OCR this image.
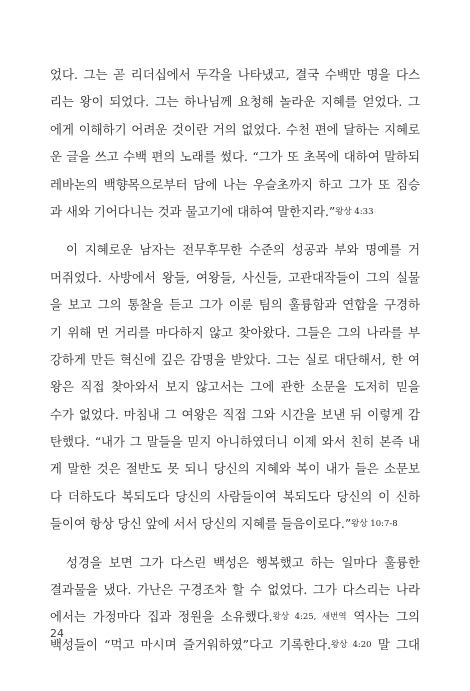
었다. 그는 곧 리더십에서 두각을 나타냈고, 결국 수백만 명을 다스
리는 왕이 되었다. 그는 하나님께 요청해 놀라운 지혜를 얻었다. 그
에게 이해하기 어려운 것이란 거의 없었다. 수천 편에 달하는 지혜로
운 글을 쓰고 수백 편의 노래를 썼다. “그가 또 초목에 대하여 말하되
레바논의 백향목으로부터 담에 나는 우슬초까지 하고 그가 또 짐승
과 새와 기어다니는 것과 물고기에 대하여 말한지라.”왕상 4:33
이 지혜로운 남자는 전무후무한 수준의 성공과 부와 명예를 거
머쥐었다. 사방에서 왕들, 여왕들, 사신들, 고관대작들이 그의 실물
을 보고 그의 통찰을 듣고 그가 이룬 팀의 훌륭함과 연합을 구경하
기 위해 먼 거리를 마다하지 않고 찾아왔다. 그들은 그의 나라를 부
강하게 만든 혁신에 깊은 감명을 받았다. 그는 실로 대단해서, 한 여
왕은 직접 찾아와서 보지 않고서는 그에 관한 소문을 도저히 믿을
수가 없었다. 마침내 그 여왕은 직접 그와 시간을 보낸 뒤 이렇게 감
탄했다. “내가 그 말들을 믿지 아니하였더니 이제 와서 친히 본즉 내
게 말한 것은 절반도 못 되니 당신의 지혜와 복이 내가 들은 소문보
다 더하도다 복되도다 당신의 사람들이여 복되도다 당신의 이 신하
들이여 항상 당신 앞에 서서 당신의 지혜를 들음이로다.”왕상 10:7-8
성경을 보면 그가 다스린 백성은 행복했고 하는 일마다 훌륭한
결과물을 냈다. 가난은 구경조차 할 수 없었다. 그가 다스리는 나라
에서는 가정마다 집과 정원을 소유했다.왕상 4:25, 새번역 역사는 그의
백성들이 “먹고 마시며 즐거워하였”다고 기록한다.왕상 4:20 말 그대
24
